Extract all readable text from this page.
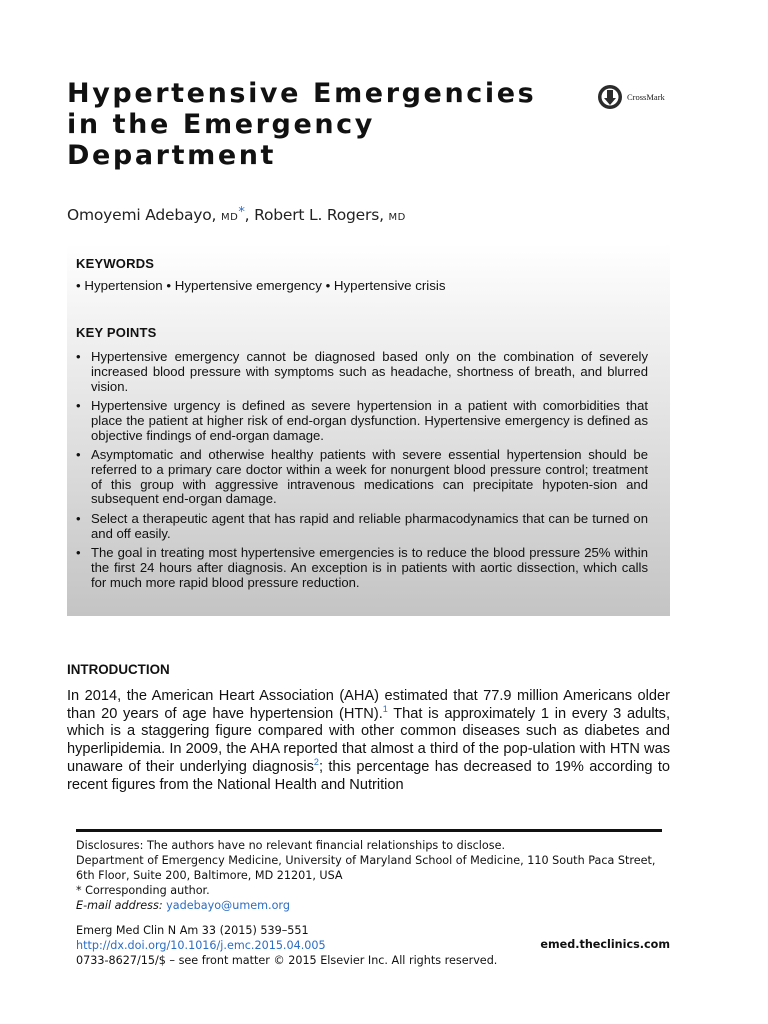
Hypertensive Emergencies
in the Emergency
Department
CrossMark
Omoyemi Adebayo, MD*, Robert L. Rogers, MD
KEYWORDS
• Hypertension • Hypertensive emergency • Hypertensive crisis
KEY POINTS
• Hypertensive emergency cannot be diagnosed based only on the combination of severely increased blood pressure with symptoms such as headache, shortness of breath, and blurred vision.
• Hypertensive urgency is defined as severe hypertension in a patient with comorbidities that place the patient at higher risk of end-organ dysfunction. Hypertensive emergency is defined as objective findings of end-organ damage.
• Asymptomatic and otherwise healthy patients with severe essential hypertension should be referred to a primary care doctor within a week for nonurgent blood pressure control; treatment of this group with aggressive intravenous medications can precipitate hypoten-sion and subsequent end-organ damage.
• Select a therapeutic agent that has rapid and reliable pharmacodynamics that can be turned on and off easily.
• The goal in treating most hypertensive emergencies is to reduce the blood pressure 25% within the first 24 hours after diagnosis. An exception is in patients with aortic dissection, which calls for much more rapid blood pressure reduction.
INTRODUCTION

In 2014, the American Heart Association (AHA) estimated that 77.9 million Americans older than 20 years of age have hypertension (HTN).$^1$ That is approximately 1 in every 3 adults, which is a staggering figure compared with other common diseases such as diabetes and hyperlipidemia. In 2009, the AHA reported that almost a third of the pop-ulation with HTN was unaware of their underlying diagnosis$^2$; this percentage has decreased to 19% according to recent figures from the National Health and Nutrition

Disclosures: The authors have no relevant financial relationships to disclose.
Department of Emergency Medicine, University of Maryland School of Medicine, 110 South Paca Street, 6th Floor, Suite 200, Baltimore, MD 21201, USA
* Corresponding author.
E-mail address: yadebayo@umem.org
Emerg Med Clin N Am 33 (2015) 539–551
http://dx.doi.org/10.1016/j.emc.2015.04.005
0733-8627/15/$ – see front matter © 2015 Elsevier Inc. All rights reserved.
emed.theclinics.com
